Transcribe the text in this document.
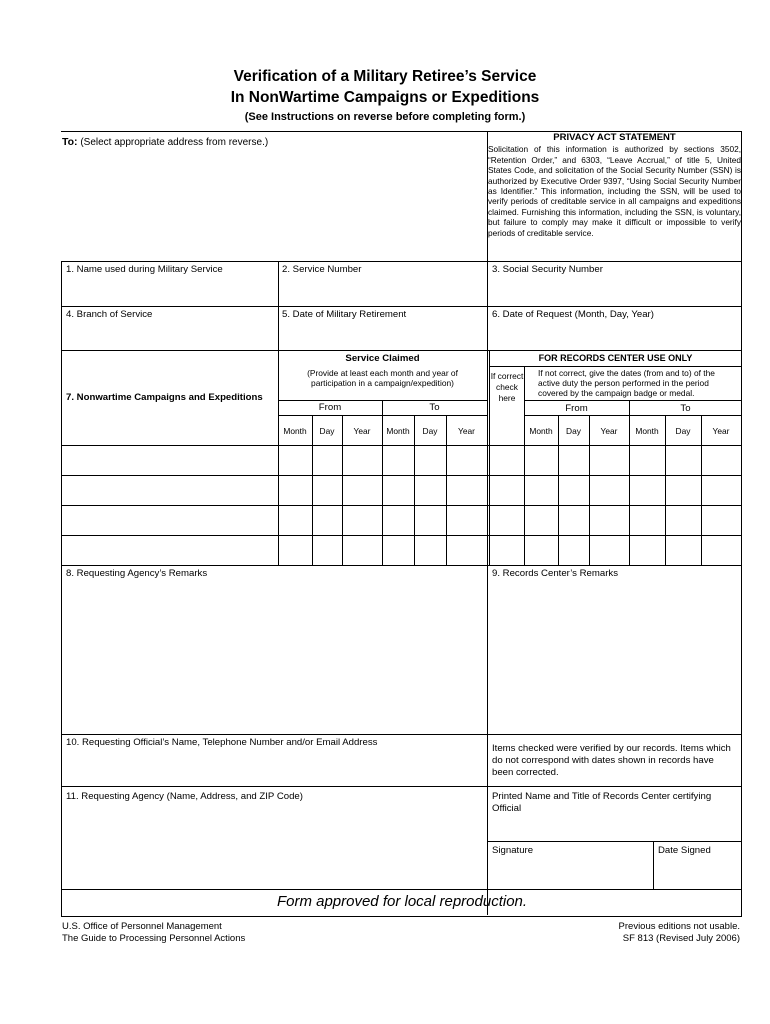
Verification of a Military Retiree’s Service
In NonWartime Campaigns or Expeditions
(See Instructions on reverse before completing form.)
To: (Select appropriate address from reverse.)	PRIVACY ACT STATEMENT
Solicitation of this information is authorized by sections 3502, “Retention Order,” and 6303, “Leave Accrual,” of title 5, United States Code, and solicitation of the Social Security Number (SSN) is authorized by Executive Order 9397, “Using Social Security Number as Identifier.” This information, including the SSN, will be used to verify periods of creditable service in all campaigns and expeditions claimed. Furnishing this information, including the SSN, is voluntary, but failure to comply may make it difficult or impossible to verify periods of creditable service.
1. Name used during Military Service	2. Service Number	3. Social Security Number
4. Branch of Service	5. Date of Military Retirement	6. Date of Request (Month, Day, Year)
7. Nonwartime Campaigns and Expeditions
Service Claimed
(Provide at least each month and year of participation in a campaign/expedition)
From	To
FOR RECORDS CENTER USE ONLY
If correct check here
If not correct, give the dates (from and to) of the active duty the person performed in the period covered by the campaign badge or medal.
From	To
Month	Day	Year	Month	Day	Year	Month	Day	Year	Month	Day	Year
8. Requesting Agency’s Remarks	9. Records Center’s Remarks
10. Requesting Official’s Name, Telephone Number and/or Email Address
Items checked were verified by our records. Items which do not correspond with dates shown in records have been corrected.
11. Requesting Agency (Name, Address, and ZIP Code)	Printed Name and Title of Records Center certifying Official
Signature	Date Signed
Form approved for local reproduction.
U.S. Office of Personnel Management
The Guide to Processing Personnel Actions
Previous editions not usable.
SF 813 (Revised July 2006)
